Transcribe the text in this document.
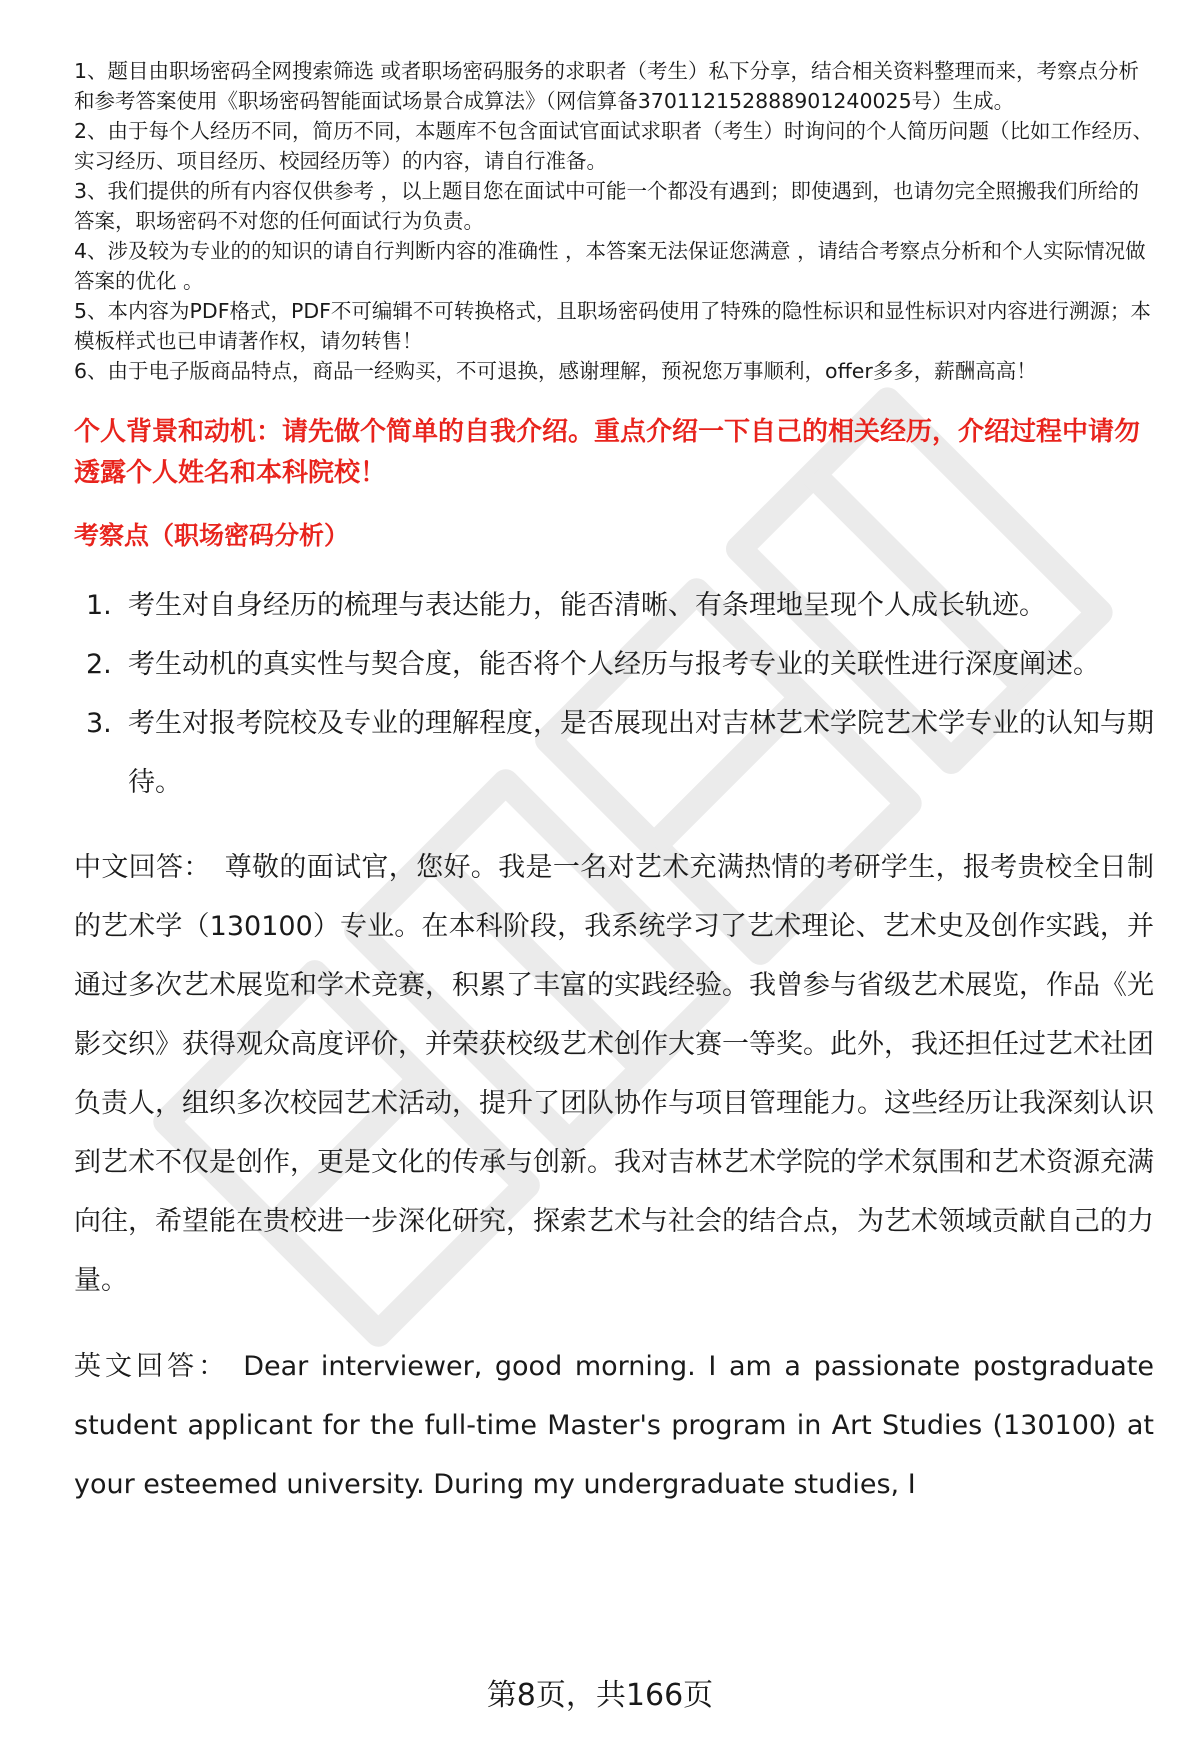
1、题目由职场密码全网搜索筛选 或者职场密码服务的求职者（考生）私下分享，结合相关资料整理而来，考察点分析和参考答案使用《职场密码智能面试场景合成算法》（网信算备370112152888901240025号）生成。
2、由于每个人经历不同，简历不同，本题库不包含面试官面试求职者（考生）时询问的个人简历问题（比如工作经历、实习经历、项目经历、校园经历等）的内容，请自行准备。
3、我们提供的所有内容仅供参考 ，以上题目您在面试中可能一个都没有遇到；即使遇到，也请勿完全照搬我们所给的答案，职场密码不对您的任何面试行为负责。
4、涉及较为专业的的知识的请自行判断内容的准确性 ，本答案无法保证您满意 ，请结合考察点分析和个人实际情况做答案的优化 。
5、本内容为PDF格式，PDF不可编辑不可转换格式，且职场密码使用了特殊的隐性标识和显性标识对内容进行溯源；本模板样式也已申请著作权，请勿转售！
6、由于电子版商品特点，商品一经购买，不可退换，感谢理解，预祝您万事顺利，offer多多，薪酬高高！
个人背景和动机：请先做个简单的自我介绍。重点介绍一下自己的相关经历，介绍过程中请勿透露个人姓名和本科院校！
考察点（职场密码分析）
1. 考生对自身经历的梳理与表达能力，能否清晰、有条理地呈现个人成长轨迹。
2. 考生动机的真实性与契合度，能否将个人经历与报考专业的关联性进行深度阐述。
3. 考生对报考院校及专业的理解程度，是否展现出对吉林艺术学院艺术学专业的认知与期待。

中文回答： 尊敬的面试官，您好。我是一名对艺术充满热情的考研学生，报考贵校全日制的艺术学（130100）专业。在本科阶段，我系统学习了艺术理论、艺术史及创作实践，并通过多次艺术展览和学术竞赛，积累了丰富的实践经验。我曾参与省级艺术展览，作品《光影交织》获得观众高度评价，并荣获校级艺术创作大赛一等奖。此外，我还担任过艺术社团负责人，组织多次校园艺术活动，提升了团队协作与项目管理能力。这些经历让我深刻认识到艺术不仅是创作，更是文化的传承与创新。我对吉林艺术学院的学术氛围和艺术资源充满向往，希望能在贵校进一步深化研究，探索艺术与社会的结合点，为艺术领域贡献自己的力量。

英文回答： Dear interviewer, good morning. I am a passionate postgraduate student applicant for the full-time Master's program in Art Studies (130100) at your esteemed university. During my undergraduate studies, I

第8页，共166页
